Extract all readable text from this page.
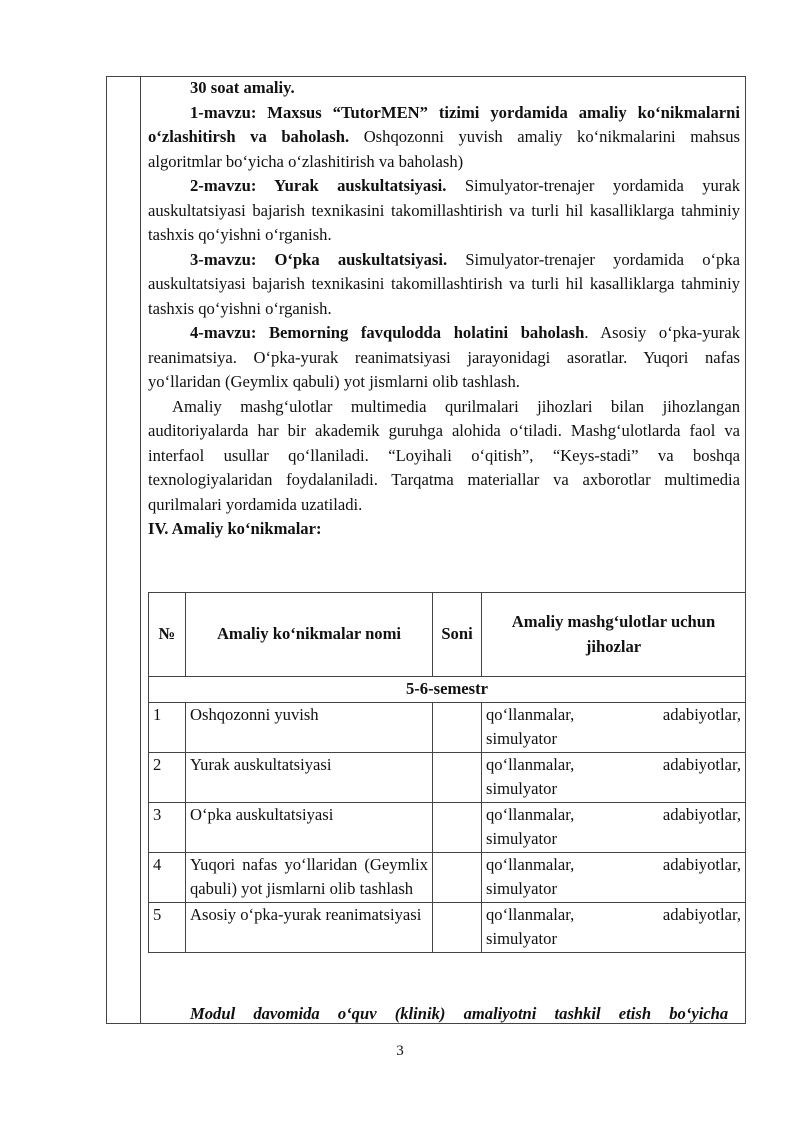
30 soat amaliy.

1-mavzu: Maxsus “TutorMEN” tizimi yordamida amaliy ko‘nikmalarni o‘zlashitirsh va baholash. Oshqozonni yuvish amaliy ko‘nikmalarini mahsus algoritmlar bo‘yicha o‘zlashitirish va baholash)

2-mavzu: Yurak auskultatsiyasi. Simulyator-trenajer yordamida yurak auskultatsiyasi bajarish texnikasini takomillashtirish va turli hil kasalliklarga tahminiy tashxis qo‘yishni o‘rganish.

3-mavzu: O‘pka auskultatsiyasi. Simulyator-trenajer yordamida o‘pka auskultatsiyasi bajarish texnikasini takomillashtirish va turli hil kasalliklarga tahminiy tashxis qo‘yishni o‘rganish.

4-mavzu: Bemorning favqulodda holatini baholash. Asosiy o‘pka-yurak reanimatsiya. O‘pka-yurak reanimatsiyasi jarayonidagi asoratlar. Yuqori nafas yo‘llaridan (Geymlix qabuli) yot jismlarni olib tashlash.

Amaliy mashg‘ulotlar multimedia qurilmalari jihozlari bilan jihozlangan auditoriyalarda har bir akademik guruhga alohida o‘tiladi. Mashg‘ulotlarda faol va interfaol usullar qo‘llaniladi. “Loyihali o‘qitish”, “Keys-stadi” va boshqa texnologiyalaridan foydalaniladi. Tarqatma materiallar va axborotlar multimedia qurilmalari yordamida uzatiladi.

IV. Amaliy ko‘nikmalar:

№	Amaliy ko‘nikmalar nomi	Soni	Amaliy mashg‘ulotlar uchun jihozlar
5-6-semestr			
1	Oshqozonni yuvish		qo‘llanmalar, adabiyotlar,
simulyator

2	Yurak auskultatsiyasi		qo‘llanmalar, adabiyotlar,
simulyator

3	O‘pka auskultatsiyasi		qo‘llanmalar, adabiyotlar,
simulyator

4	Yuqori nafas yo‘llaridan (Geymlix qabuli) yot jismlarni olib tashlash		qo‘llanmalar, adabiyotlar,
simulyator

5	Asosiy o‘pka-yurak reanimatsiyasi		qo‘llanmalar, adabiyotlar,
simulyator
Modul davomida o‘quv (klinik) amaliyotni tashkil etish bo‘yicha
3
